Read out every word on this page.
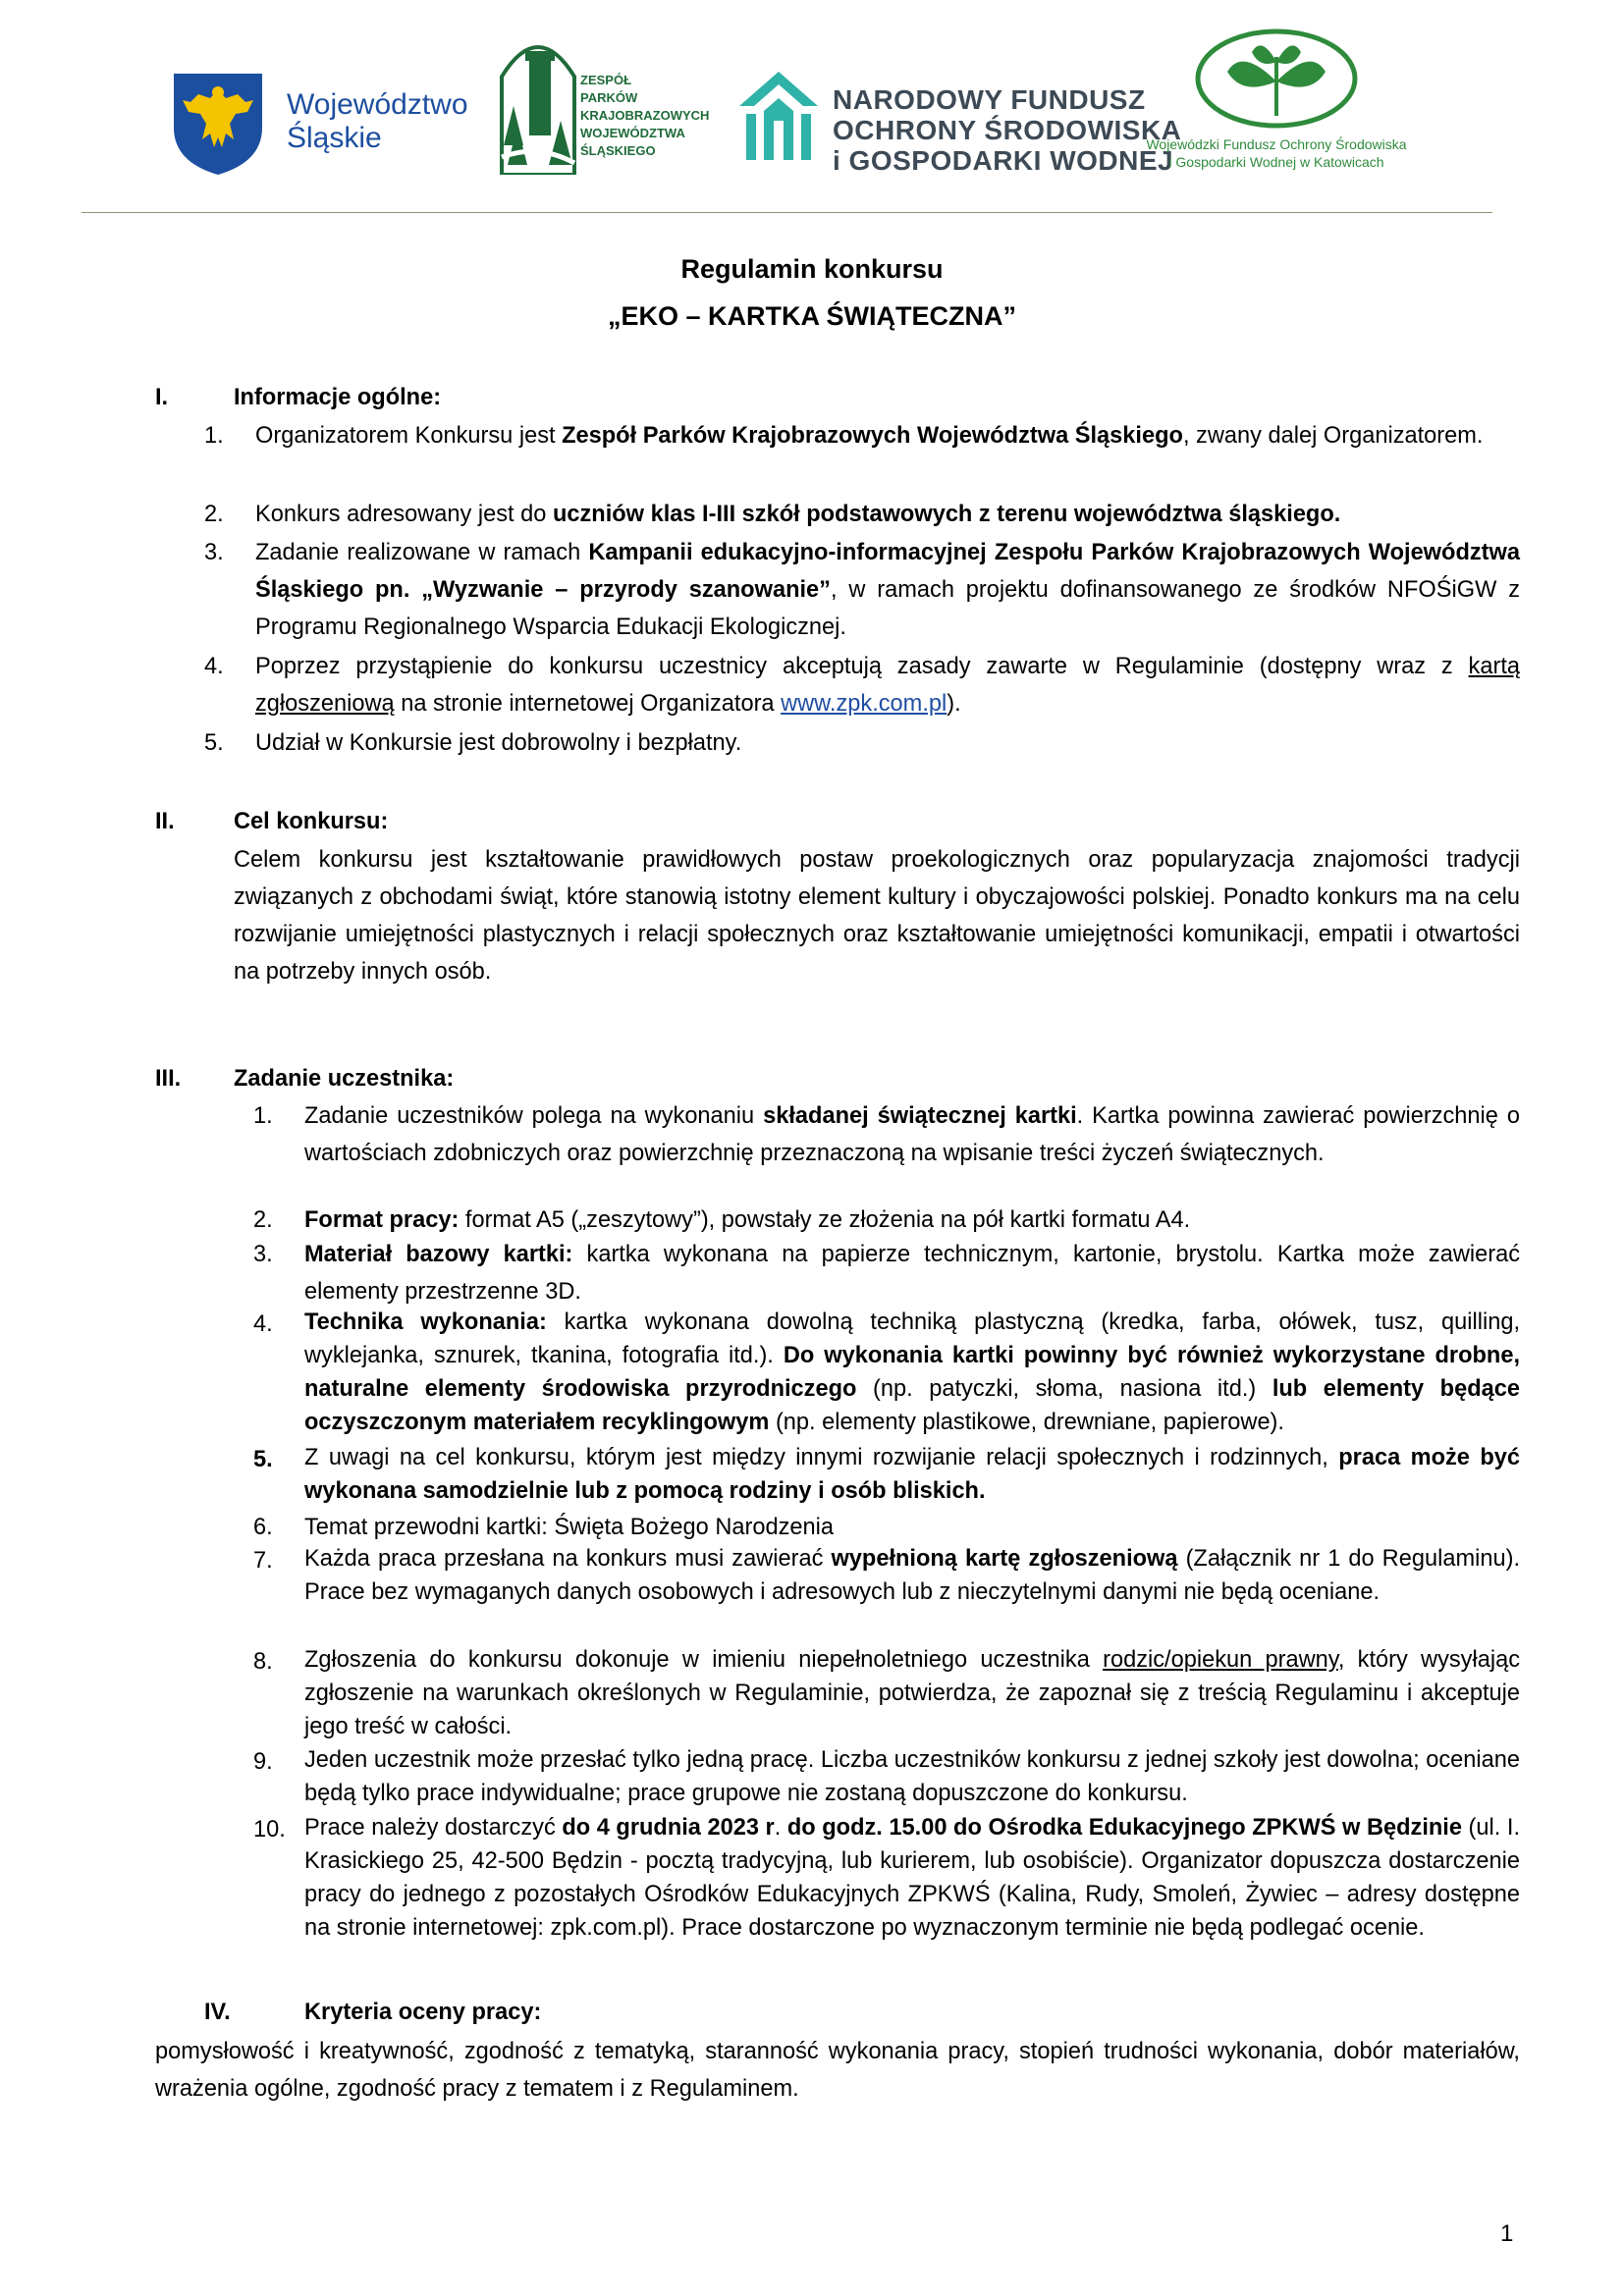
Województwo
Śląskie
ZESPÓŁ
PARKÓW
KRAJOBRAZOWYCH
WOJEWÓDZTWA
ŚLĄSKIEGO
NARODOWY FUNDUSZ
OCHRONY ŚRODOWISKA
i GOSPODARKI WODNEJ
Wojewódzki Fundusz Ochrony Środowiska
i Gospodarki Wodnej w Katowicach
Regulamin konkursu
„EKO – KARTKA ŚWIĄTECZNA”
I.	Informacje ogólne:
1.	Organizatorem Konkursu jest Zespół Parków Krajobrazowych Województwa Śląskiego, zwany dalej Organizatorem.
2.	Konkurs adresowany jest do uczniów klas I-III szkół podstawowych z terenu województwa śląskiego.
3.	Zadanie realizowane w ramach Kampanii edukacyjno-informacyjnej Zespołu Parków Krajobrazowych Województwa Śląskiego pn. „Wyzwanie – przyrody szanowanie”, w ramach projektu dofinansowanego ze środków NFOŚiGW z Programu Regionalnego Wsparcia Edukacji Ekologicznej.
4.	Poprzez przystąpienie do konkursu uczestnicy akceptują zasady zawarte w Regulaminie (dostępny wraz z kartą zgłoszeniową na stronie internetowej Organizatora www.zpk.com.pl).
5.	Udział w Konkursie jest dobrowolny i bezpłatny.
II.	Cel konkursu:
Celem konkursu jest kształtowanie prawidłowych postaw proekologicznych oraz popularyzacja znajomości tradycji związanych z obchodami świąt, które stanowią istotny element kultury i obyczajowości polskiej. Ponadto konkurs ma na celu rozwijanie umiejętności plastycznych i relacji społecznych oraz kształtowanie umiejętności komunikacji, empatii i otwartości na potrzeby innych osób.
III. Zadanie uczestnika:
1.	Zadanie uczestników polega na wykonaniu składanej świątecznej kartki. Kartka powinna zawierać powierzchnię o wartościach zdobniczych oraz powierzchnię przeznaczoną na wpisanie treści życzeń świątecznych.
2.	Format pracy: format A5 („zeszytowy”), powstały ze złożenia na pół kartki formatu A4.
3.	Materiał bazowy kartki: kartka wykonana na papierze technicznym, kartonie, brystolu. Kartka może zawierać elementy przestrzenne 3D.
4.	Technika wykonania: kartka wykonana dowolną techniką plastyczną (kredka, farba, ołówek, tusz, quilling, wyklejanka, sznurek, tkanina, fotografia itd.). Do wykonania kartki powinny być również wykorzystane drobne, naturalne elementy środowiska przyrodniczego (np. patyczki, słoma, nasiona itd.) lub elementy będące oczyszczonym materiałem recyklingowym (np. elementy plastikowe, drewniane, papierowe).
5.	Z uwagi na cel konkursu, którym jest między innymi rozwijanie relacji społecznych i rodzinnych, praca może być wykonana samodzielnie lub z pomocą rodziny i osób bliskich.
6.	Temat przewodni kartki: Święta Bożego Narodzenia
7.	Każda praca przesłana na konkurs musi zawierać wypełnioną kartę zgłoszeniową (Załącznik nr 1 do Regulaminu). Prace bez wymaganych danych osobowych i adresowych lub z nieczytelnymi danymi nie będą oceniane.
8.	Zgłoszenia do konkursu dokonuje w imieniu niepełnoletniego uczestnika rodzic/opiekun prawny, który wysyłając zgłoszenie na warunkach określonych w Regulaminie, potwierdza, że zapoznał się z treścią Regulaminu i akceptuje jego treść w całości.
9.	Jeden uczestnik może przesłać tylko jedną pracę. Liczba uczestników konkursu z jednej szkoły jest dowolna; oceniane będą tylko prace indywidualne; prace grupowe nie zostaną dopuszczone do konkursu.
10. Prace należy dostarczyć do 4 grudnia 2023 r. do godz. 15.00 do Ośrodka Edukacyjnego ZPKWŚ w Będzinie (ul. I. Krasickiego 25, 42-500 Będzin - pocztą tradycyjną, lub kurierem, lub osobiście). Organizator dopuszcza dostarczenie pracy do jednego z pozostałych Ośrodków Edukacyjnych ZPKWŚ (Kalina, Rudy, Smoleń, Żywiec – adresy dostępne na stronie internetowej: zpk.com.pl). Prace dostarczone po wyznaczonym terminie nie będą podlegać ocenie.
IV.	Kryteria oceny pracy:
pomysłowość i kreatywność, zgodność z tematyką, staranność wykonania pracy, stopień trudności wykonania, dobór materiałów, wrażenia ogólne, zgodność pracy z tematem i z Regulaminem.
1
